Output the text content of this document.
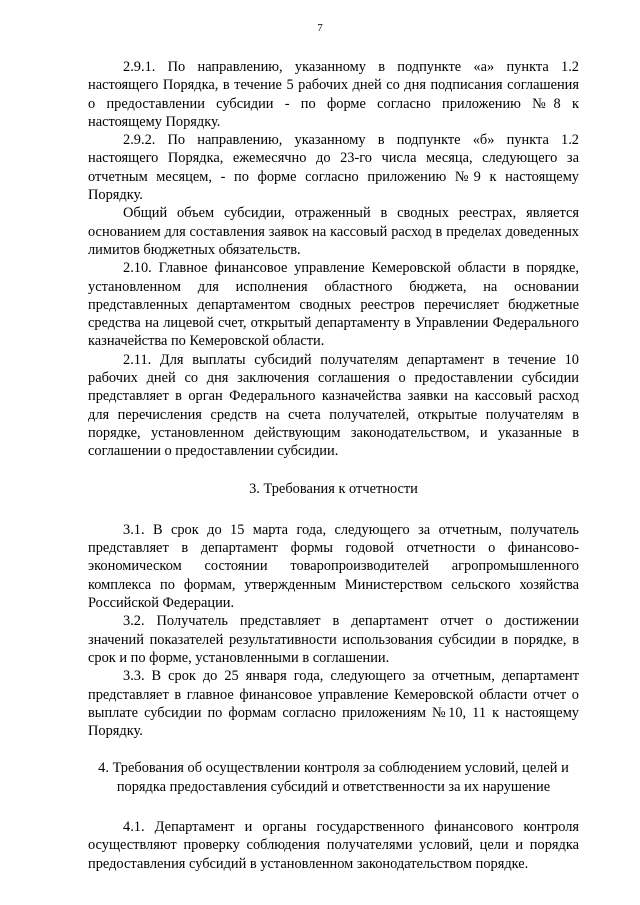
7

2.9.1. По направлению, указанному в подпункте «а» пункта 1.2 настоящего Порядка, в течение 5 рабочих дней со дня подписания соглашения о предоставлении субсидии - по форме согласно приложению №8 к настоящему Порядку.

2.9.2. По направлению, указанному в подпункте «б» пункта 1.2 настоящего Порядка, ежемесячно до 23-го числа месяца, следующего за отчетным месяцем, - по форме согласно приложению №9 к настоящему Порядку.

Общий объем субсидии, отраженный в сводных реестрах, является основанием для составления заявок на кассовый расход в пределах доведенных лимитов бюджетных обязательств.

2.10. Главное финансовое управление Кемеровской области в порядке, установленном для исполнения областного бюджета, на основании представленных департаментом сводных реестров перечисляет бюджетные средства на лицевой счет, открытый департаменту в Управлении Федерального казначейства по Кемеровской области.

2.11. Для выплаты субсидий получателям департамент в течение 10 рабочих дней со дня заключения соглашения о предоставлении субсидии представляет в орган Федерального казначейства заявки на кассовый расход для перечисления средств на счета получателей, открытые получателям в порядке, установленном действующим законодательством, и указанные в соглашении о предоставлении субсидии.

3. Требования к отчетности

3.1. В срок до 15 марта года, следующего за отчетным, получатель представляет в департамент формы годовой отчетности о финансово-экономическом состоянии товаропроизводителей агропромышленного комплекса по формам, утвержденным Министерством сельского хозяйства Российской Федерации.

3.2. Получатель представляет в департамент отчет о достижении значений показателей результативности использования субсидии в порядке, в срок и по форме, установленными в соглашении.

3.3. В срок до 25 января года, следующего за отчетным, департамент представляет в главное финансовое управление Кемеровской области отчет о выплате субсидии по формам согласно приложениям №10, 11 к настоящему Порядку.

4. Требования об осуществлении контроля за соблюдением условий, целей и
порядка предоставления субсидий и ответственности за их нарушение

4.1. Департамент и органы государственного финансового контроля осуществляют проверку соблюдения получателями условий, цели и порядка предоставления субсидий в установленном законодательством порядке.
